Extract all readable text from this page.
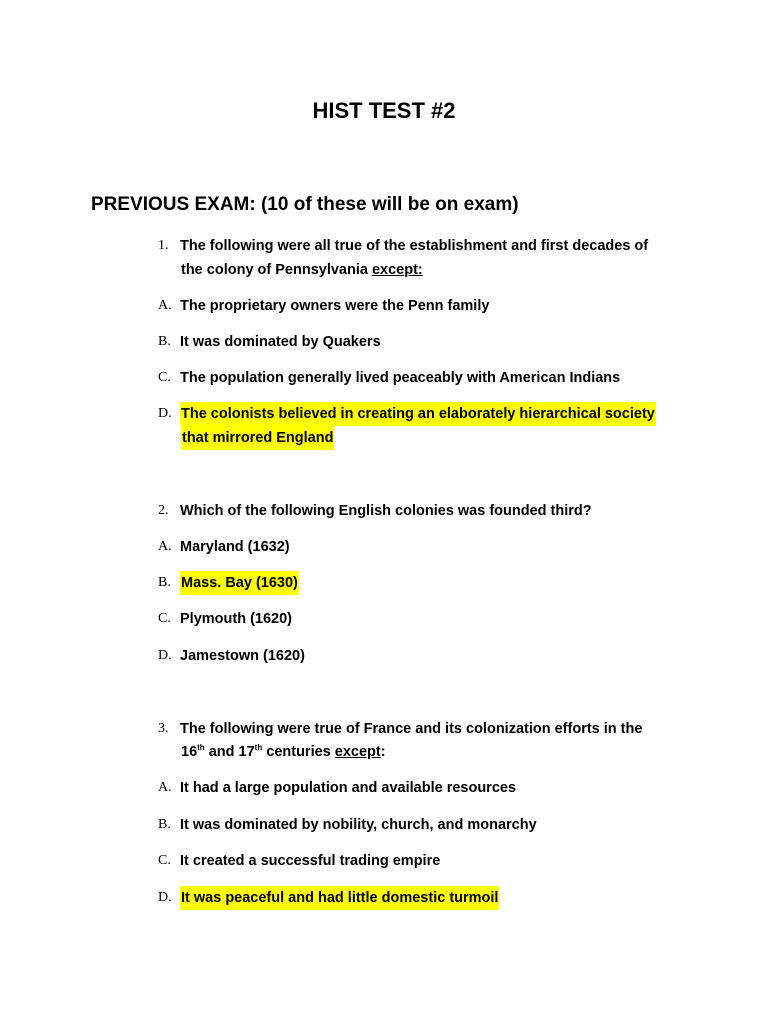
HIST TEST #2
PREVIOUS EXAM: (10 of these will be on exam)
1. The following were all true of the establishment and first decades of
the colony of Pennsylvania except:
A. The proprietary owners were the Penn family
B. It was dominated by Quakers
C. The population generally lived peaceably with American Indians
D. The colonists believed in creating an elaborately hierarchical society
that mirrored England
2. Which of the following English colonies was founded third?
A. Maryland (1632)
B. Mass. Bay (1630)
C. Plymouth (1620)
D. Jamestown (1620)
3. The following were true of France and its colonization efforts in the
16th and 17th centuries except:
A. It had a large population and available resources
B. It was dominated by nobility, church, and monarchy
C. It created a successful trading empire
D. It was peaceful and had little domestic turmoil
